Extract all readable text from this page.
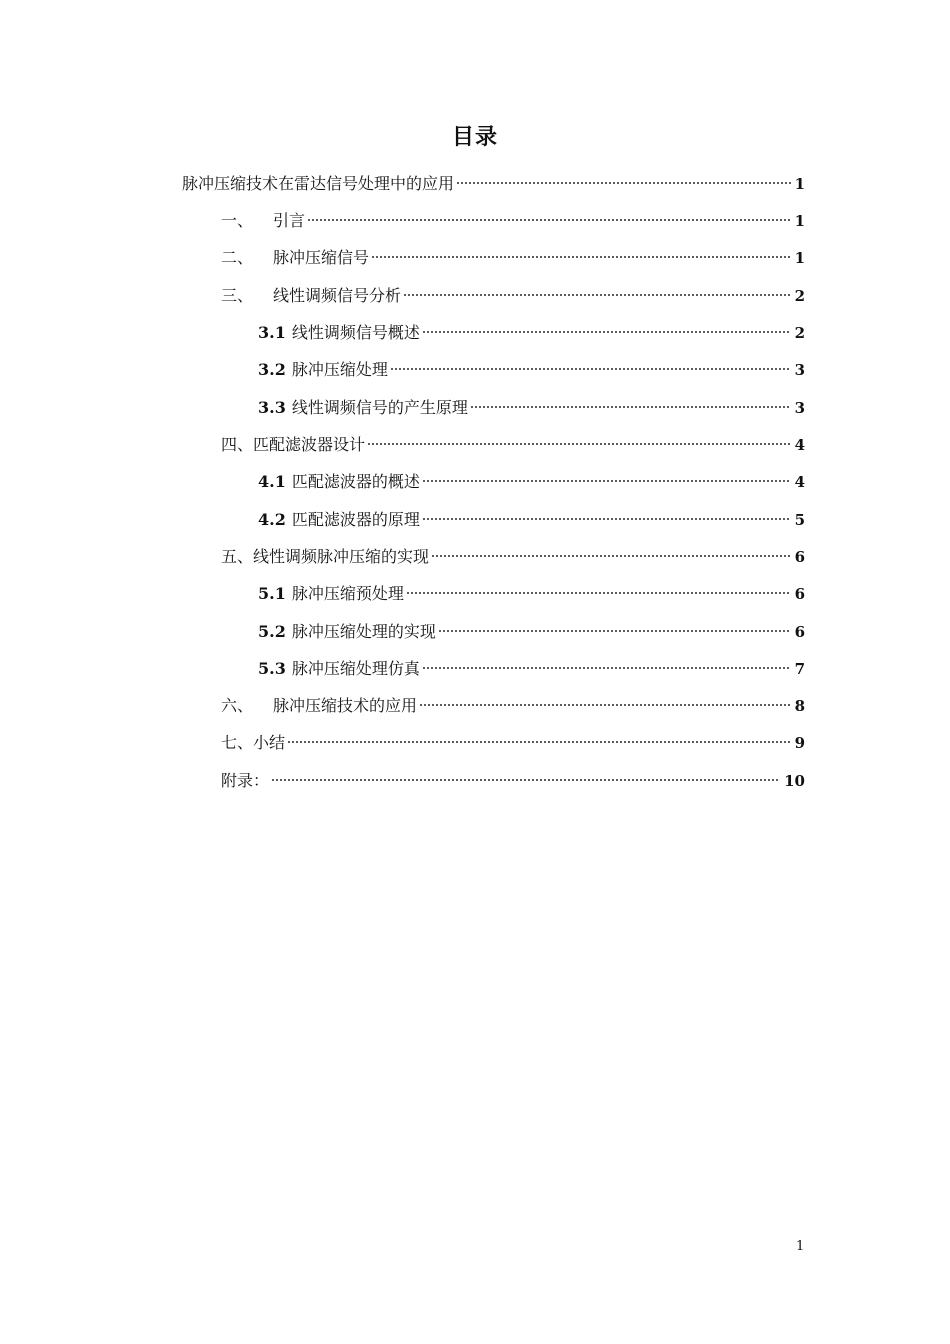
目录
脉冲压缩技术在雷达信号处理中的应用	1
一、 引言	1
二、 脉冲压缩信号	1
三、 线性调频信号分析	2
3.1 线性调频信号概述	2
3.2 脉冲压缩处理	3
3.3 线性调频信号的产生原理	3
四、 匹配滤波器设计	4
4.1 匹配滤波器的概述	4
4.2 匹配滤波器的原理	5
五、 线性调频脉冲压缩的实现	6
5.1 脉冲压缩预处理	6
5.2 脉冲压缩处理的实现	6
5.3 脉冲压缩处理仿真	7
六、 脉冲压缩技术的应用	8
七、 小结	9
附录：	10
1
